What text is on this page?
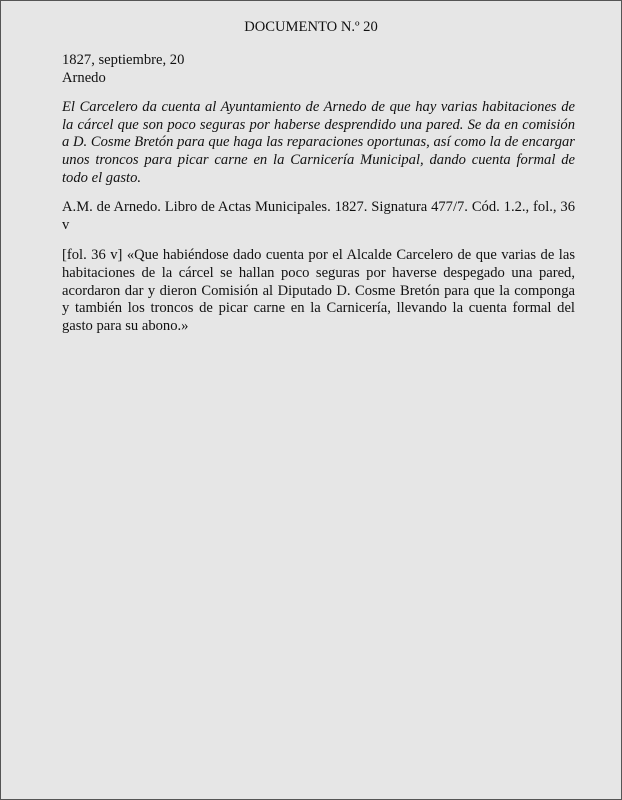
DOCUMENTO N.º 20

1827, septiembre, 20

Arnedo

El Carcelero da cuenta al Ayuntamiento de Arnedo de que hay varias habitaciones de la cárcel que son poco seguras por haberse desprendido una pared. Se da en comisión a D. Cosme Bretón para que haga las reparaciones oportunas, así como la de encargar unos troncos para picar carne en la Carnicería Municipal, dando cuenta formal de todo el gasto.

A.M. de Arnedo. Libro de Actas Municipales. 1827. Signatura 477/7. Cód. 1.2., fol., 36 v

[fol. 36 v] «Que habiéndose dado cuenta por el Alcalde Carcelero de que varias de las habitaciones de la cárcel se hallan poco seguras por haverse despegado una pared, acordaron dar y dieron Comisión al Diputado D. Cosme Bretón para que la componga y también los troncos de picar carne en la Carnicería, llevando la cuenta formal del gasto para su abono.»
